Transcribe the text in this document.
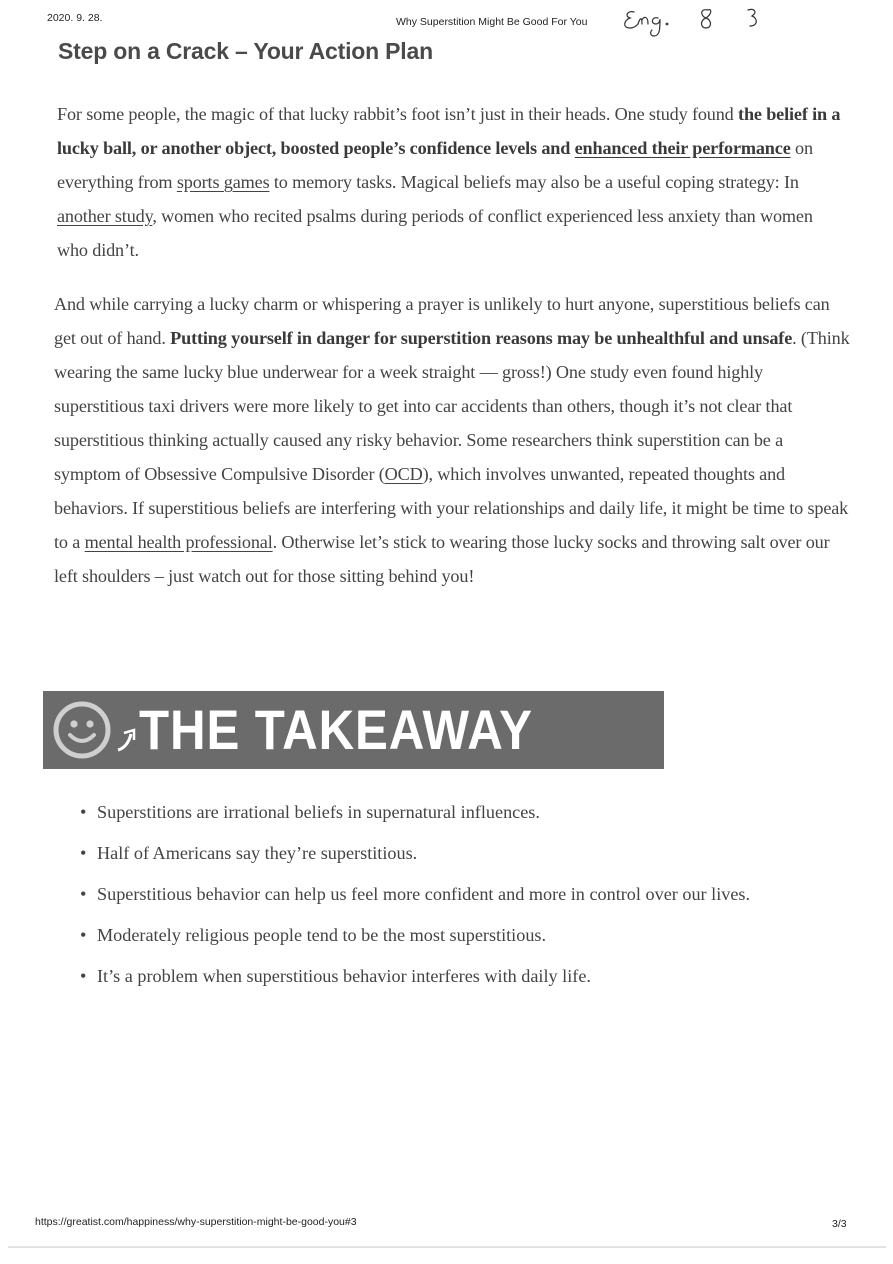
2020. 9. 28.	Why Superstition Might Be Good For You
Step on a Crack – Your Action Plan

For some people, the magic of that lucky rabbit’s foot isn’t just in their heads. One study found the belief in a lucky ball, or another object, boosted people’s confidence levels and enhanced their performance on everything from sports games to memory tasks. Magical beliefs may also be a useful coping strategy: In another study, women who recited psalms during periods of conflict experienced less anxiety than women who didn’t.

And while carrying a lucky charm or whispering a prayer is unlikely to hurt anyone, superstitious beliefs can get out of hand. Putting yourself in danger for superstition reasons may be unhealthful and unsafe. (Think wearing the same lucky blue underwear for a week straight — gross!) One study even found highly superstitious taxi drivers were more likely to get into car accidents than others, though it’s not clear that superstitious thinking actually caused any risky behavior. Some researchers think superstition can be a symptom of Obsessive Compulsive Disorder (OCD), which involves unwanted, repeated thoughts and behaviors. If superstitious beliefs are interfering with your relationships and daily life, it might be time to speak to a mental health professional. Otherwise let’s stick to wearing those lucky socks and throwing salt over our left shoulders – just watch out for those sitting behind you!

THE TAKEAWAY
• Superstitions are irrational beliefs in supernatural influences.
• Half of Americans say they’re superstitious.
• Superstitious behavior can help us feel more confident and more in control over our lives.
• Moderately religious people tend to be the most superstitious.
• It’s a problem when superstitious behavior interferes with daily life.
https://greatist.com/happiness/why-superstition-might-be-good-you#3	3/3
